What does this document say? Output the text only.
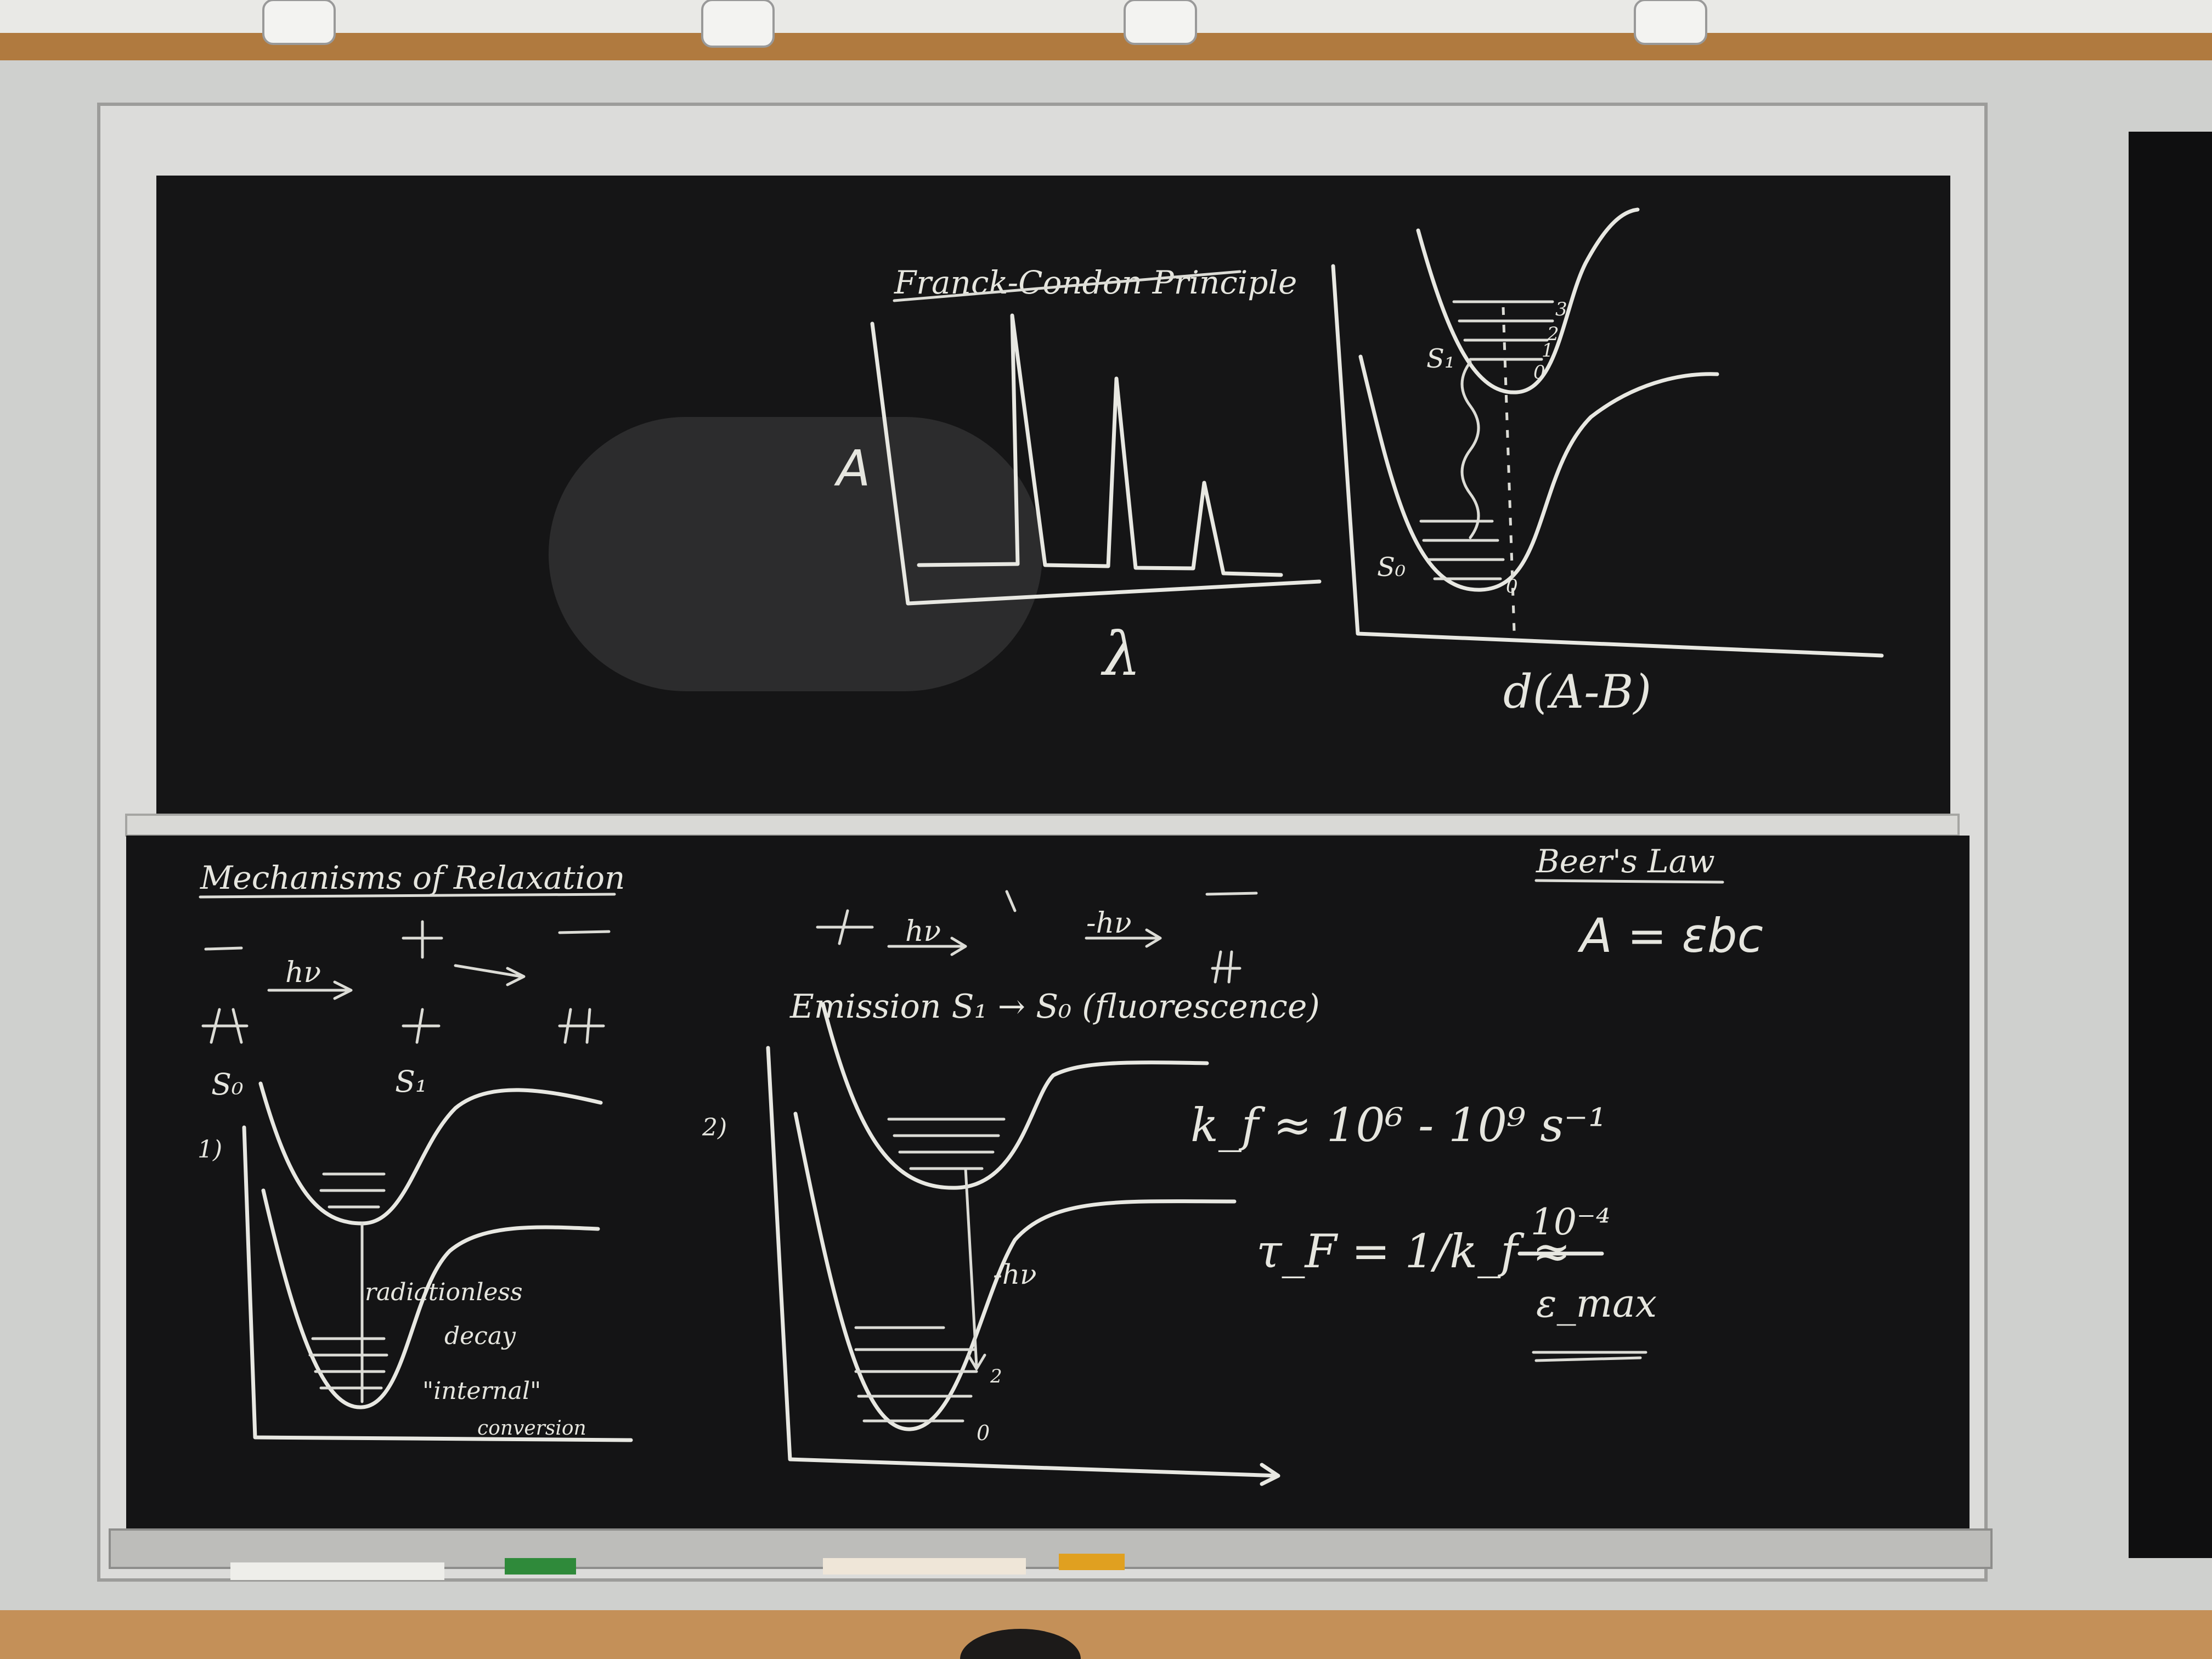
Franck-Condon Principle
A
λ
S₁
S₀
3
2
1
0
0
d(A-B)
Mechanisms of Relaxation
hν
S₀	S₁
1)
radiationless
decay
"internal"
conversion
hν	-hν
Emission S₁ → S₀ (fluorescence)
2)
-hν
2
0
k_f ≈ 10⁶ - 10⁹ s⁻¹
τ_F = 1/k_f ≈
10⁻⁴
ε_max
Beer's Law
A = εbc
